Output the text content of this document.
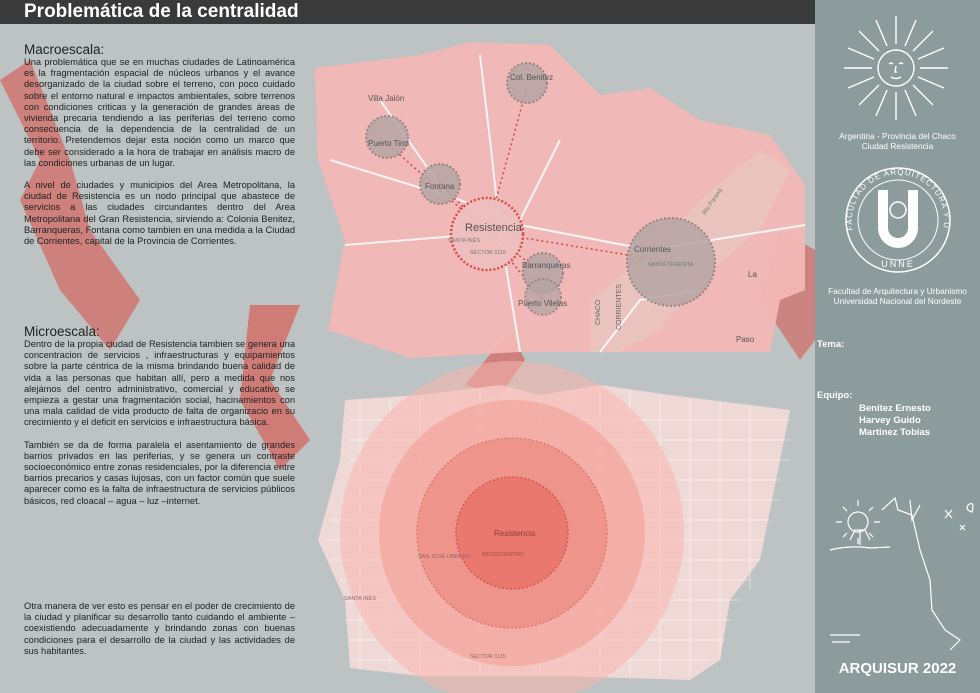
Problemática de la centralidad
Macroescala:

Una problemática que se en muchas ciudades de Latinoamérica es la fragmentación espacial de núcleos urbanos y el avance desorganizado de la ciudad sobre el terreno, con poco cuidado sobre el entorno natural e impactos ambientales, sobre terrenos con condiciones criticas y la generación de grandes áreas de vivienda precaria tendiendo a las periferias del terreno como consecuencia de la dependencia de la centralidad de un territorio. Pretendemos dejar esta noción como un marco que debe ser considerado a la hora de trabajar en análisis macro de las condiciones urbanas de un lugar.

A nivel de ciudades y municipios del Area Metropolitana, la ciudad de Resistencia es un nodo principal que abastece de servicios a las ciudades circundantes dentro del Area Metropolitana del Gran Resistencia, sirviendo a: Colonia Benitez, Barranqueras, Fontana como tambien en una medida a la Ciudad de Corrientes, capital de la Provincia de Corrientes.

Microescala:

Dentro de la propia ciudad de Resistencia tambien se genera una concentracion de servicios , infraestructuras y equipamientos sobre la parte céntrica de la misma brindando buena calidad de vida a las personas que habitan allí, pero a medida que nos alejámos del centro administrativo, comercial y educativo se empieza a gestar una fragmentación social, hacinamientos con una mala calidad de vida producto de falta de organizacio en su crecimiento y el deficit en servicios e infraestructura básica.

También se da de forma paralela el asentamiento de grandes barrios privados en las periferias, y se genera un contraste socioeconómico entre zonas residenciales, por la diferencia entre barrios precarios y casas lujosas, con un factor común que suele aparecer como es la falta de infraestructura de servicios públicos básicos, red cloacal – agua – luz –internet.

Otra manera de ver esto es pensar en el poder de crecimiento de la ciudad y planificar su desarrollo tanto cuidando el ambiente – coexistiendo adecuadamente y brindando zonas con buenas condiciones para el desarrollo de la ciudad y las actividades de sus habitantes.

Col. Benitez
Villa Jalón
Puerto Tirol
Fontana
Resistencia
SANTA INÉS
SECTOR 1115
Barranqueras
Puerto Vilelas
Corrientes
SANTA TERESITA
CHACO CORRIENTES
Río Paraná
Paso
La
Resistencia
MICROCENTRO
SAN JOSÉ OBRERO
SANTA INÉS
SECTOR 1115
Argentina - Provincia del Chaco
Ciudad Resistencia
FACULTAD DE ARQUITECTURA Y URBANISMO
UNNE
Facultad de Arquitectura y Urbanismo
Universidad Nacional del Nordeste
Tema:
Equipo:
Benitez Ernesto
Harvey Guido
Martinez Tobias
ARQUISUR 2022
